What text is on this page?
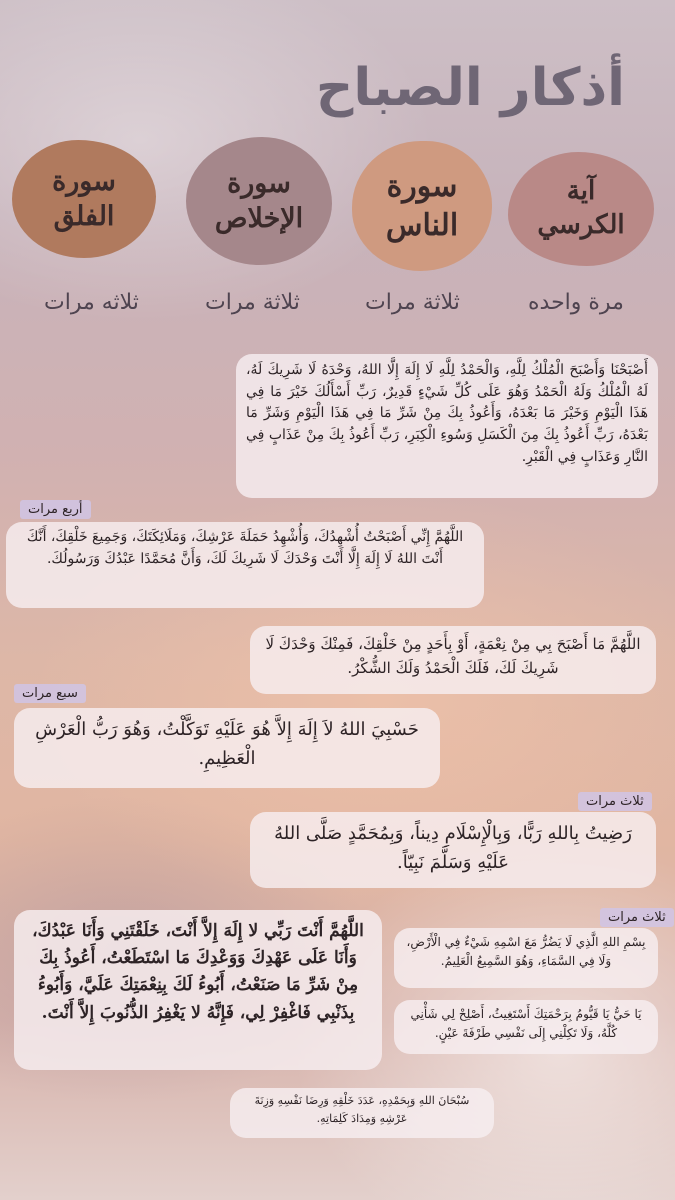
أذكار الصباح
آية
الكرسي
سورة
الناس
سورة
الإخلاص
سورة
الفلق
مرة واحده
ثلاثة مرات
ثلاثة مرات
ثلاثه مرات
أَصْبَحْنَا وَأَصْبَحَ الْمُلْكُ لِلَّهِ، وَالْحَمْدُ لِلَّهِ لَا إِلَهَ إِلَّا اللهُ، وَحْدَهُ لَا شَرِيكَ لَهُ، لَهُ الْمُلْكُ وَلَهُ الْحَمْدُ وَهُوَ عَلَى كُلِّ شَيْءٍ قَدِيرٌ، رَبِّ أَسْأَلُكَ خَيْرَ مَا فِي هَذَا الْيَوْمِ وَخَيْرَ مَا بَعْدَهُ، وَأَعُوذُ بِكَ مِنْ شَرِّ مَا فِي هَذَا الْيَوْمِ وَشَرِّ مَا بَعْدَهُ، رَبِّ أَعُوذُ بِكَ مِنَ الْكَسَلِ وَسُوءِ الْكِبَرِ، رَبِّ أَعُوذُ بِكَ مِنْ عَذَابٍ فِي النَّارِ وَعَذَابٍ فِي الْقَبْرِ.
أربع مرات
اللَّهُمَّ إِنِّي أَصْبَحْتُ أُشْهِدُكَ، وَأُشْهِدُ حَمَلَةَ عَرْشِكَ، وَمَلَائِكَتَكَ، وَجَمِيعَ خَلْقِكَ، أَنَّكَ أَنْتَ اللهُ لَا إِلَهَ إِلَّا أَنْتَ وَحْدَكَ لَا شَرِيكَ لَكَ، وَأَنَّ مُحَمَّدًا عَبْدُكَ وَرَسُولُكَ.
اللَّهُمَّ مَا أَصْبَحَ بِي مِنْ نِعْمَةٍ، أَوْ بِأَحَدٍ مِنْ خَلْقِكَ، فَمِنْكَ وَحْدَكَ لَا شَرِيكَ لَكَ، فَلَكَ الْحَمْدُ وَلَكَ الشُّكْرُ.
سبع مرات
حَسْبِيَ اللهُ لاَ إِلَهَ إِلاَّ هُوَ عَلَيْهِ تَوَكَّلْتُ، وَهُوَ رَبُّ الْعَرْشِ الْعَظِيمِ.
ثلاث مرات
رَضِيتُ بِاللهِ رَبًّا، وَبِالْإِسْلَامِ دِيناً، وَبِمُحَمَّدٍ صَلَّى اللهُ عَلَيْهِ وَسَلَّمَ نَبِيّاً.
اللَّهُمَّ أَنْتَ رَبِّي لا إِلَهَ إِلاَّ أَنْتَ، خَلَقْتَنِي وَأَنَا عَبْدُكَ، وَأَنَا عَلَى عَهْدِكَ وَوَعْدِكَ مَا اسْتَطَعْتُ، أَعُوذُ بِكَ مِنْ شَرِّ مَا صَنَعْتُ، أَبُوءُ لَكَ بِنِعْمَتِكَ عَلَيَّ، وَأَبُوءُ بِذَنْبِي فَاغْفِرْ لِي، فَإِنَّهُ لا يَغْفِرُ الذُّنُوبَ إِلاَّ أَنْتَ.
ثلاث مرات
بِسْمِ اللهِ الَّذِي لَا يَضُرُّ مَعَ اسْمِهِ شَيْءٌ فِي الْأَرْضِ، وَلَا فِي السَّمَاءِ، وَهُوَ السَّمِيعُ الْعَلِيمُ.
يَا حَيُّ يَا قَيُّومُ بِرَحْمَتِكَ أَسْتَغِيثُ، أَصْلِحْ لِي شَأْنِي كُلَّهُ، وَلَا تَكِلْنِي إِلَى نَفْسِي طَرْفَةَ عَيْنٍ.
سُبْحَانَ اللهِ وَبِحَمْدِهِ، عَدَدَ خَلْقِهِ وَرِضَا نَفْسِهِ وَزِنَةَ عَرْشِهِ وَمِدَادَ كَلِمَاتِهِ.
